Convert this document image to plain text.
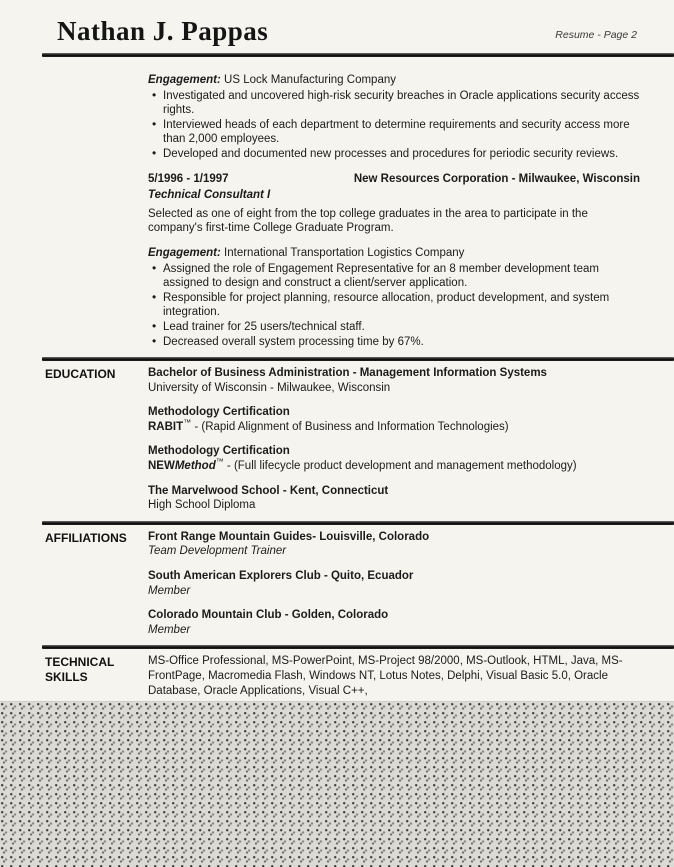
Nathan J. Pappas	Resume - Page 2
Engagement: US Lock Manufacturing Company
• Investigated and uncovered high-risk security breaches in Oracle applications security access rights.
• Interviewed heads of each department to determine requirements and security access more than 2,000 employees.
• Developed and documented new processes and procedures for periodic security reviews.
5/1996 - 1/1997	New Resources Corporation - Milwaukee, Wisconsin
Technical Consultant I
Selected as one of eight from the top college graduates in the area to participate in the company's first-time College Graduate Program.
Engagement: International Transportation Logistics Company
• Assigned the role of Engagement Representative for an 8 member development team assigned to design and construct a client/server application.
• Responsible for project planning, resource allocation, product development, and system integration.
• Lead trainer for 25 users/technical staff.
• Decreased overall system processing time by 67%.
EDUCATION	Bachelor of Business Administration - Management Information Systems
University of Wisconsin - Milwaukee, Wisconsin
Methodology Certification
RABIT™ - (Rapid Alignment of Business and Information Technologies)
Methodology Certification
NEWMethod™ - (Full lifecycle product development and management methodology)
The Marvelwood School - Kent, Connecticut
High School Diploma
AFFILIATIONS	Front Range Mountain Guides- Louisville, Colorado
Team Development Trainer
South American Explorers Club - Quito, Ecuador
Member
Colorado Mountain Club - Golden, Colorado
Member
TECHNICAL SKILLS
MS-Office Professional, MS-PowerPoint, MS-Project 98/2000, MS-Outlook, HTML, Java, MS-FrontPage, Macromedia Flash, Windows NT, Lotus Notes, Delphi, Visual Basic 5.0, Oracle Database, Oracle Applications, Visual C++,
